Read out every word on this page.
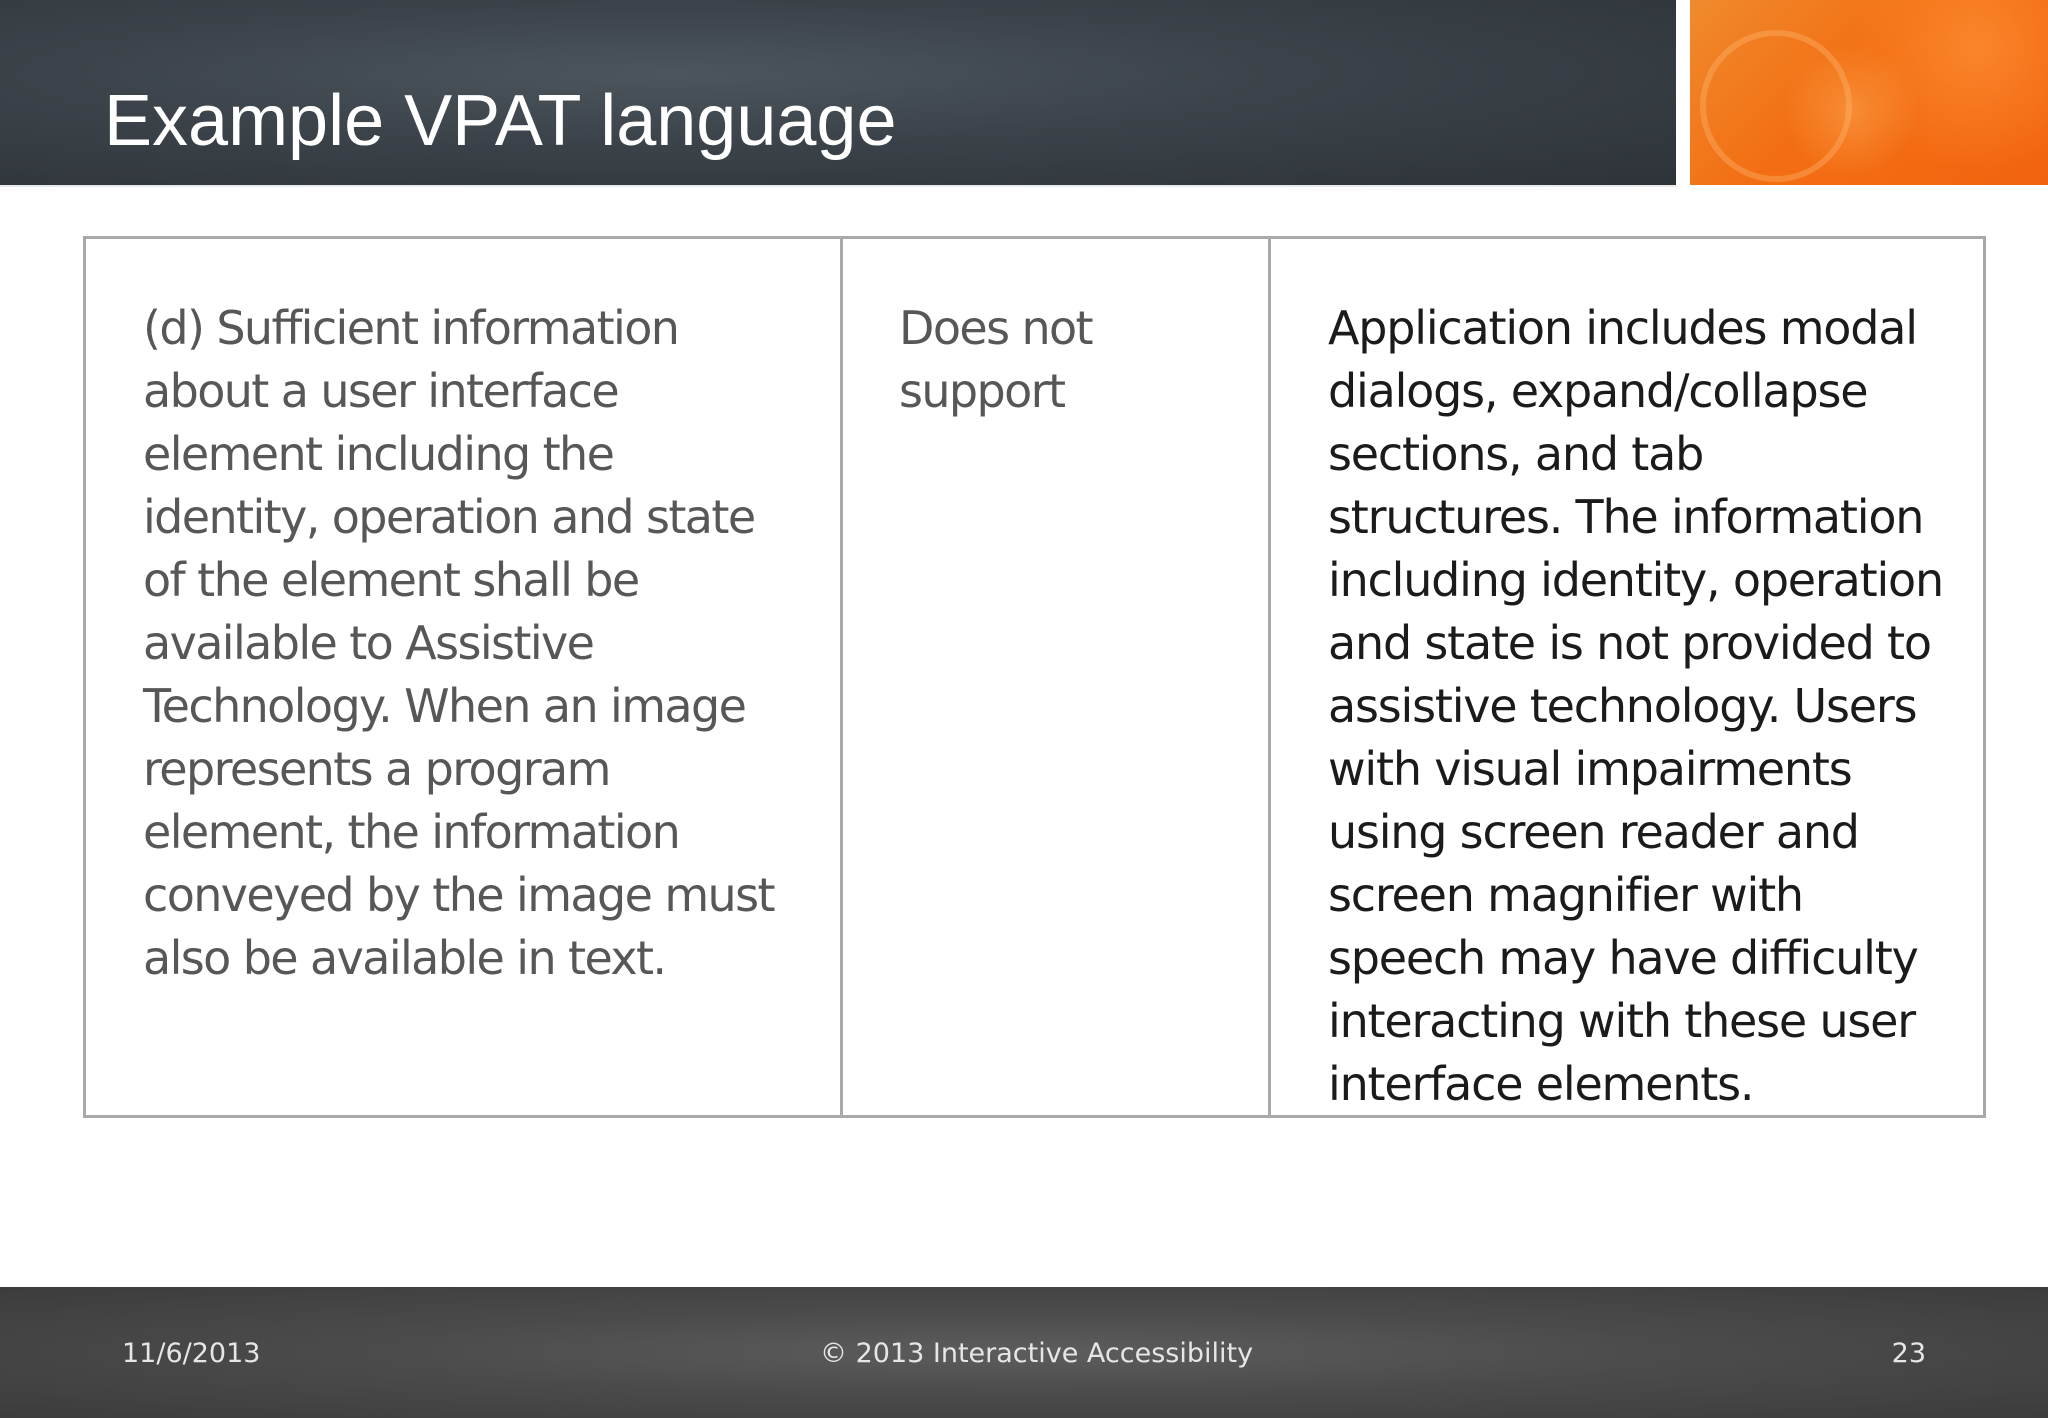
Example VPAT language

(d) Sufficient information
about a user interface
element including the
identity, operation and state
of the element shall be
available to Assistive
Technology. When an image
represents a program
element, the information
conveyed by the image must
also be available in text.

Does not
support

Application includes modal
dialogs, expand/collapse
sections, and tab
structures. The information
including identity, operation
and state is not provided to
assistive technology. Users
with visual impairments
using screen reader and
screen magnifier with
speech may have difficulty
interacting with these user
interface elements.

11/6/2013	© 2013 Interactive Accessibility	23
